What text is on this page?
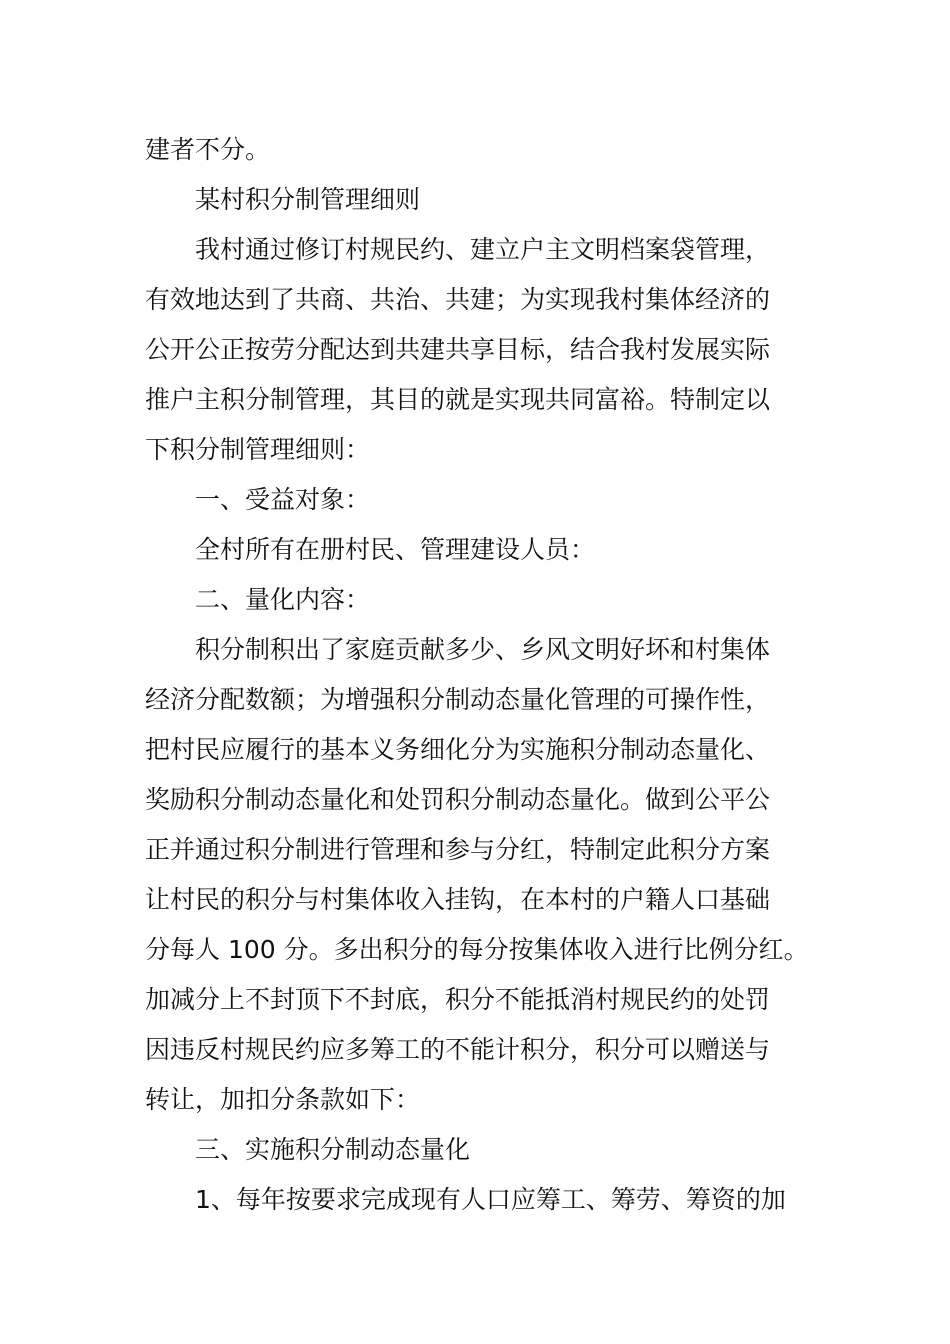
建者不分。
某村积分制管理细则
我村通过修订村规民约、建立户主文明档案袋管理，
有效地达到了共商、共治、共建；为实现我村集体经济的
公开公正按劳分配达到共建共享目标，结合我村发展实际
推户主积分制管理，其目的就是实现共同富裕。特制定以
下积分制管理细则：
一、受益对象：
全村所有在册村民、管理建设人员：
二、量化内容：
积分制积出了家庭贡献多少、乡风文明好坏和村集体
经济分配数额；为增强积分制动态量化管理的可操作性，
把村民应履行的基本义务细化分为实施积分制动态量化、
奖励积分制动态量化和处罚积分制动态量化。做到公平公
正并通过积分制进行管理和参与分红，特制定此积分方案
让村民的积分与村集体收入挂钩，在本村的户籍人口基础
分每人 100 分。多出积分的每分按集体收入进行比例分红。
加减分上不封顶下不封底，积分不能抵消村规民约的处罚
因违反村规民约应多筹工的不能计积分，积分可以赠送与
转让，加扣分条款如下：
三、实施积分制动态量化
1、每年按要求完成现有人口应筹工、筹劳、筹资的加
